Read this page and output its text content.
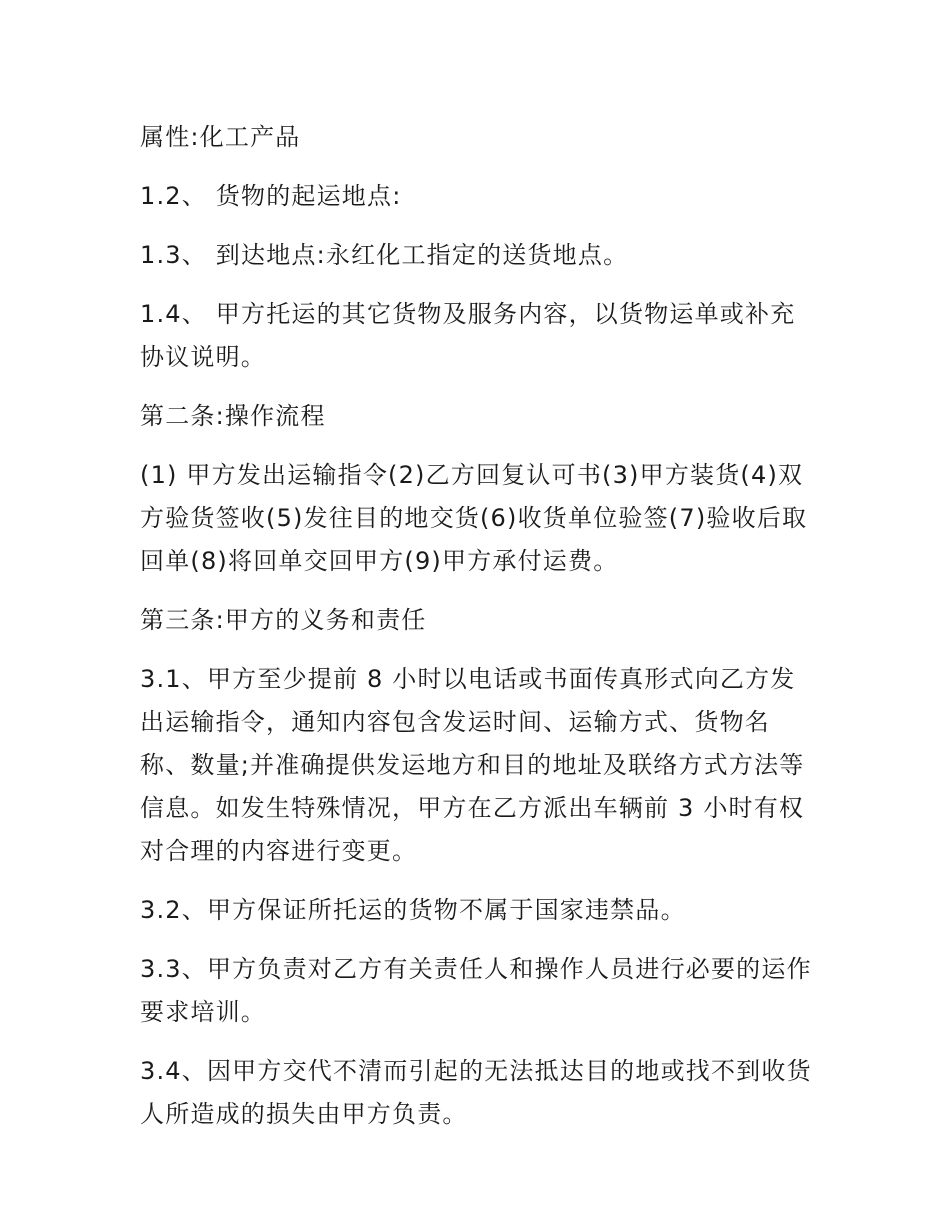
属性:化工产品

1.2、 货物的起运地点:

1.3、 到达地点:永红化工指定的送货地点。

1.4、 甲方托运的其它货物及服务内容，以货物运单或补充协议说明。

第二条:操作流程

(1) 甲方发出运输指令(2)乙方回复认可书(3)甲方装货(4)双方验货签收(5)发往目的地交货(6)收货单位验签(7)验收后取回单(8)将回单交回甲方(9)甲方承付运费。

第三条:甲方的义务和责任

3.1、甲方至少提前 8 小时以电话或书面传真形式向乙方发出运输指令，通知内容包含发运时间、运输方式、货物名称、数量;并准确提供发运地方和目的地址及联络方式方法等信息。如发生特殊情况，甲方在乙方派出车辆前 3 小时有权对合理的内容进行变更。

3.2、甲方保证所托运的货物不属于国家违禁品。

3.3、甲方负责对乙方有关责任人和操作人员进行必要的运作要求培训。

3.4、因甲方交代不清而引起的无法抵达目的地或找不到收货人所造成的损失由甲方负责。
